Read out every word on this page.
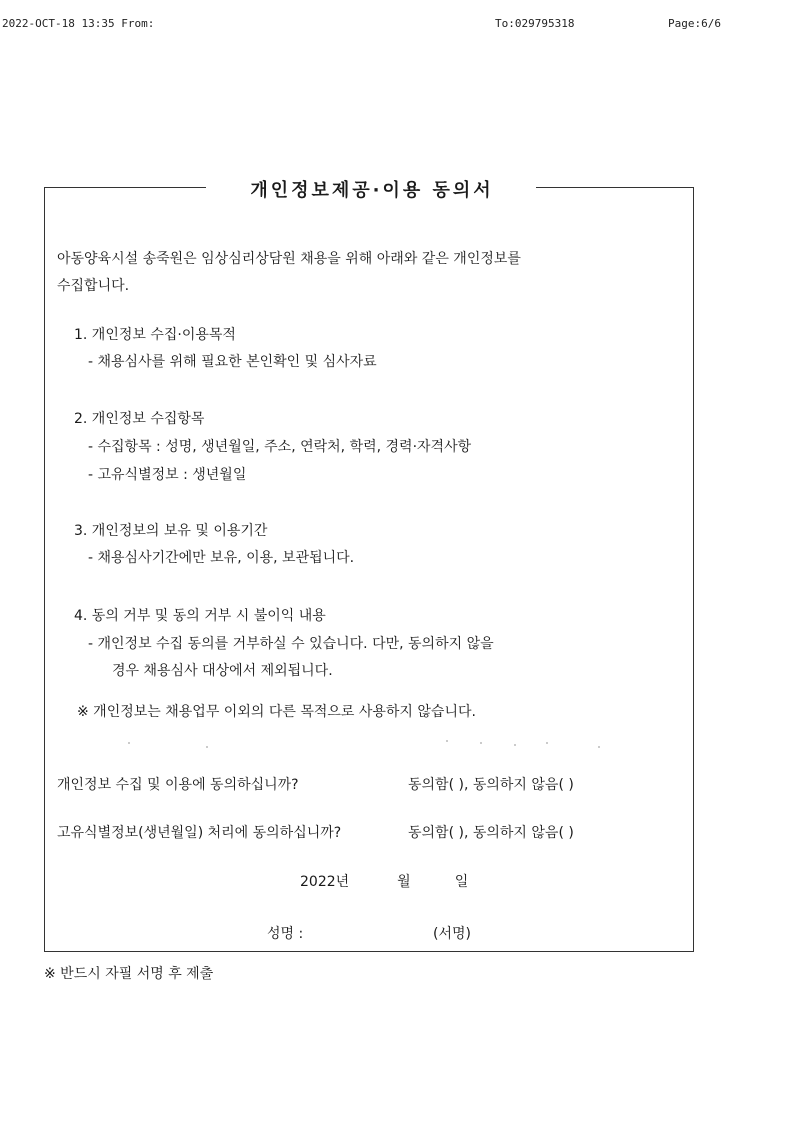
2022-OCT-18 13:35 From:	To:029795318	Page:6/6
개인정보제공·이용 동의서
아동양육시설 송죽원은 임상심리상담원 채용을 위해 아래와 같은 개인정보를
수집합니다.
1. 개인정보 수집·이용목적
- 채용심사를 위해 필요한 본인확인 및 심사자료
2. 개인정보 수집항목
- 수집항목 : 성명, 생년월일, 주소, 연락처, 학력, 경력·자격사항
- 고유식별정보 : 생년월일
3. 개인정보의 보유 및 이용기간
- 채용심사기간에만 보유, 이용, 보관됩니다.
4. 동의 거부 및 동의 거부 시 불이익 내용
- 개인정보 수집 동의를 거부하실 수 있습니다. 다만, 동의하지 않을
경우 채용심사 대상에서 제외됩니다.
※ 개인정보는 채용업무 이외의 다른 목적으로 사용하지 않습니다.
개인정보 수집 및 이용에 동의하십니까?	동의함( ), 동의하지 않음( )
고유식별정보(생년월일) 처리에 동의하십니까?	동의함( ), 동의하지 않음( )
2022년	월	일
성명 :	(서명)
※ 반드시 자필 서명 후 제출
